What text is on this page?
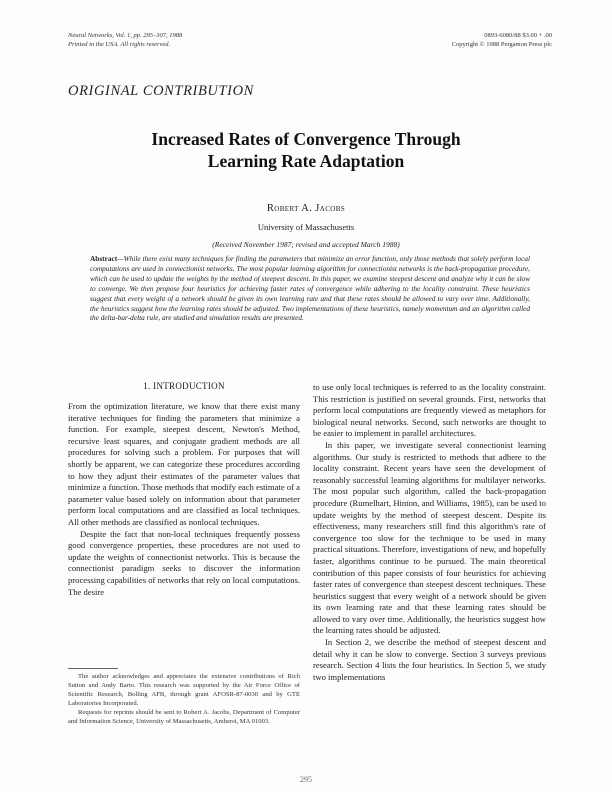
Neural Networks, Vol. 1, pp. 295–307, 1988
Printed in the USA. All rights reserved.
0893-6080/88 $3.00 + .00
Copyright © 1988 Pergamon Press plc
ORIGINAL CONTRIBUTION
Increased Rates of Convergence Through
Learning Rate Adaptation
Robert A. Jacobs
University of Massachusetts
(Received November 1987; revised and accepted March 1988)
Abstract—While there exist many techniques for finding the parameters that minimize an error function, only those methods that solely perform local computations are used in connectionist networks. The most popular learning algorithm for connectionist networks is the back-propagation procedure, which can be used to update the weights by the method of steepest descent. In this paper, we examine steepest descent and analyze why it can be slow to converge. We then propose four heuristics for achieving faster rates of convergence while adhering to the locality constraint. These heuristics suggest that every weight of a network should be given its own learning rate and that these rates should be allowed to vary over time. Additionally, the heuristics suggest how the learning rates should be adjusted. Two implementations of these heuristics, namely momentum and an algorithm called the delta-bar-delta rule, are studied and simulation results are presented.
1. INTRODUCTION

From the optimization literature, we know that there exist many iterative techniques for finding the parameters that minimize a function. For example, steepest descent, Newton's Method, recursive least squares, and conjugate gradient methods are all procedures for solving such a problem. For purposes that will shortly be apparent, we can categorize these procedures according to how they adjust their estimates of the parameter values that minimize a function. Those methods that modify each estimate of a parameter value based solely on information about that parameter perform local computations and are classified as local techniques. All other methods are classified as nonlocal techniques.

Despite the fact that non-local techniques frequently possess good convergence properties, these procedures are not used to update the weights of connectionist networks. This is because the connectionist paradigm seeks to discover the information processing capabilities of networks that rely on local computations. The desire

to use only local techniques is referred to as the locality constraint. This restriction is justified on several grounds. First, networks that perform local computations are frequently viewed as metaphors for biological neural networks. Second, such networks are thought to be easier to implement in parallel architectures.

In this paper, we investigate several connectionist learning algorithms. Our study is restricted to methods that adhere to the locality constraint. Recent years have seen the development of reasonably successful learning algorithms for multilayer networks. The most popular such algorithm, called the back-propagation procedure (Rumelhart, Hinton, and Williams, 1985), can be used to update weights by the method of steepest descent. Despite its effectiveness, many researchers still find this algorithm's rate of convergence too slow for the technique to be used in many practical situations. Therefore, investigations of new, and hopefully faster, algorithms continue to be pursued. The main theoretical contribution of this paper consists of four heuristics for achieving faster rates of convergence than steepest descent techniques. These heuristics suggest that every weight of a network should be given its own learning rate and that these learning rates should be allowed to vary over time. Additionally, the heuristics suggest how the learning rates should be adjusted.

In Section 2, we describe the method of steepest descent and detail why it can be slow to converge. Section 3 surveys previous research. Section 4 lists the four heuristics. In Section 5, we study two implementations

The author acknowledges and appreciates the extensive contributions of Rich Sutton and Andy Barto. This research was supported by the Air Force Office of Scientific Research, Bolling AFB, through grant AFOSR-87-0030 and by GTE Laboratories Incorporated.

Requests for reprints should be sent to Robert A. Jacobs, Department of Computer and Information Science, University of Massachusetts, Amherst, MA 01003.

295
